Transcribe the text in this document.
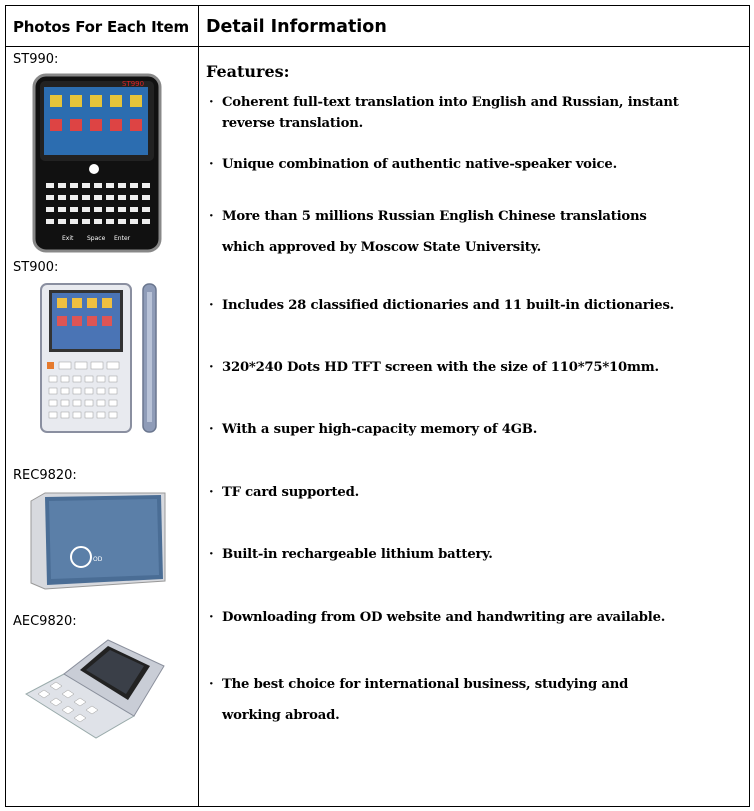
Photos For Each Item Detail Information
ST990:
ST990
Exit Space Enter
ST900:
REC9820:
OD
AEC9820:
Features:
· Coherent full-text translation into English and Russian, instant
reverse translation.
· Unique combination of authentic native-speaker voice.
· More than 5 millions Russian English Chinese translations
which approved by Moscow State University.
· Includes 28 classified dictionaries and 11 built-in dictionaries.
· 320*240 Dots HD TFT screen with the size of 110*75*10mm.
· With a super high-capacity memory of 4GB.
· TF card supported.
· Built-in rechargeable lithium battery.
· Downloading from OD website and handwriting are available.
· The best choice for international business, studying and
working abroad.
